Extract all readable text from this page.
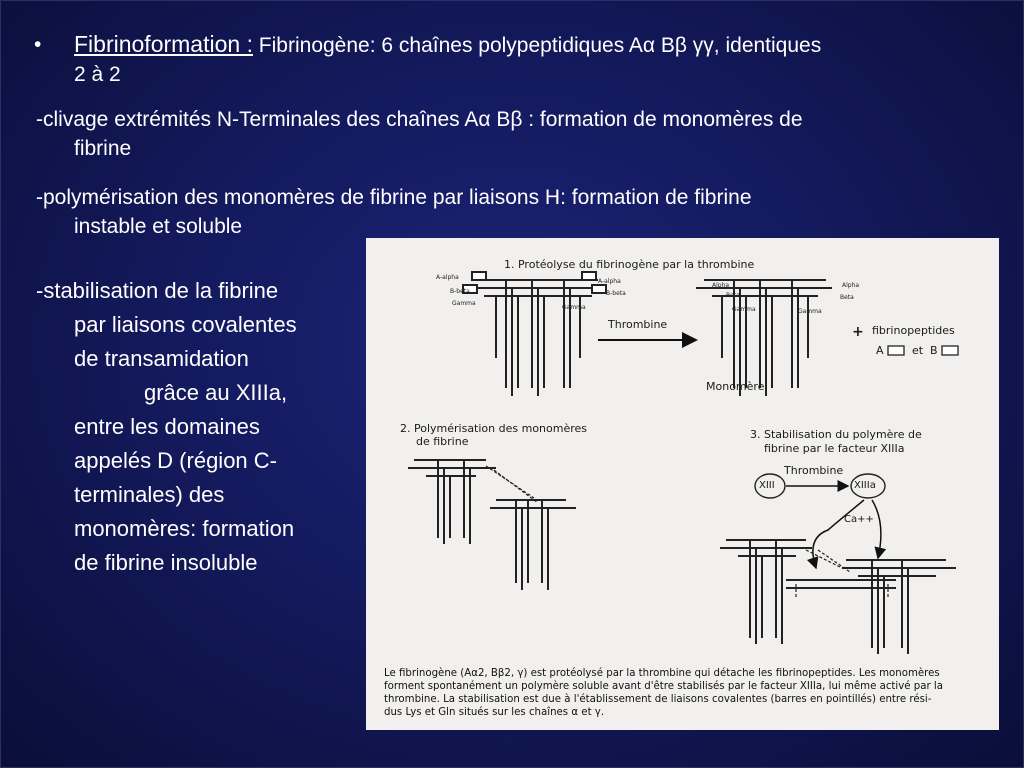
• Fibrinoformation : Fibrinogène: 6 chaînes polypeptidiques Aα Bβ γγ, identiques
2 à 2
-clivage extrémités N-Terminales des chaînes Aα Bβ : formation de monomères de
fibrine
-polymérisation des monomères de fibrine par liaisons H: formation de fibrine
instable et soluble
-stabilisation de la fibrine
par liaisons covalentes
de transamidation
grâce au XIIIa,
entre les domaines
appelés D (région C-
terminales) des
monomères: formation
de fibrine insoluble
1. Protéolyse du fibrinogène par la thrombine
A-alpha
B-beta
Gamma
A-alpha
B-beta
Gamma
Alpha
Beta
Gamma
Alpha
Beta
Gamma
Thrombine
Monomère
+ fibrinopeptides
A	et B
2. Polymérisation des monomères
de fibrine
3. Stabilisation du polymère de
fibrine par le facteur XIIIa
Thrombine
XIII	XIIIa
Ca++
Le fibrinogène (Aα2, Bβ2, γ) est protéolysé par la thrombine qui détache les fibrinopeptides. Les monomères
forment spontanément un polymère soluble avant d'être stabilisés par le facteur XIIIa, lui même activé par la
thrombine. La stabilisation est due à l'établissement de liaisons covalentes (barres en pointillés) entre rési-
dus Lys et Gln situés sur les chaînes α et γ.
